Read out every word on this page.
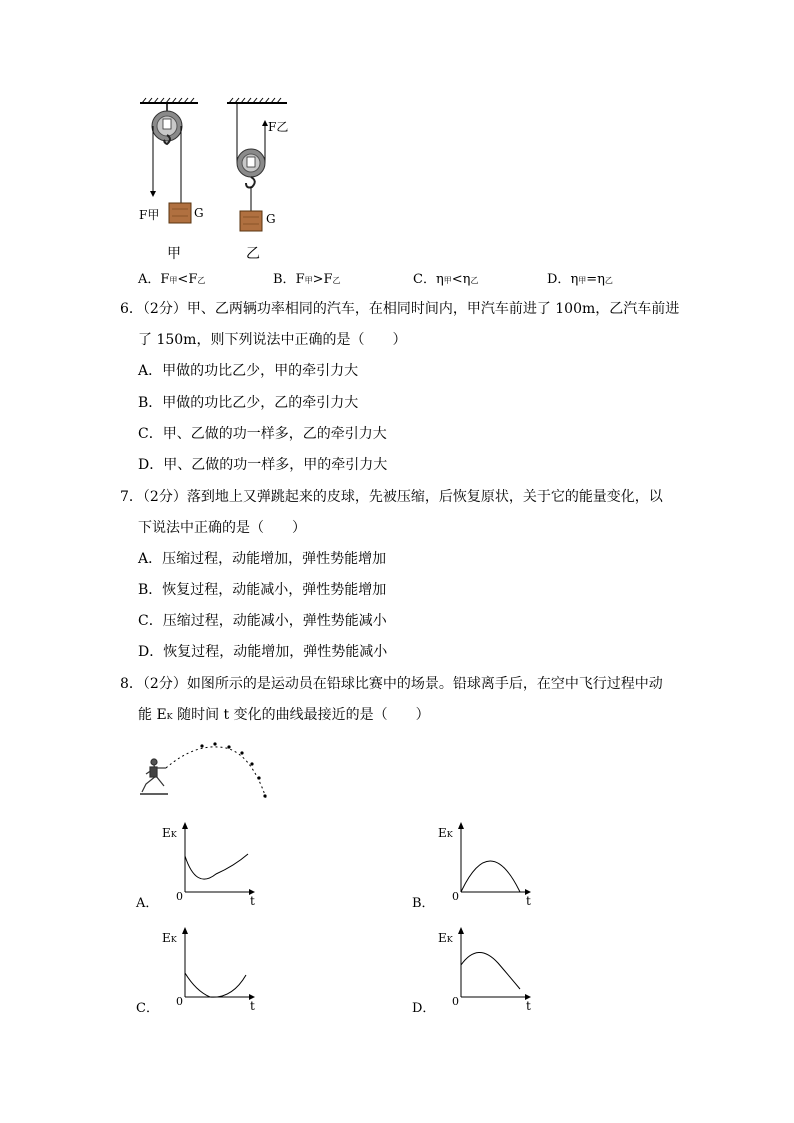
F甲	G
F乙
G
甲	乙
A．F甲<F乙	B．F甲>F乙	C．η甲<η乙	D．η甲=η乙
6．（2分）甲、乙两辆功率相同的汽车，在相同时间内，甲汽车前进了 100m，乙汽车前进
了 150m，则下列说法中正确的是（　　）
A．甲做的功比乙少，甲的牵引力大
B．甲做的功比乙少，乙的牵引力大
C．甲、乙做的功一样多，乙的牵引力大
D．甲、乙做的功一样多，甲的牵引力大
7．（2分）落到地上又弹跳起来的皮球，先被压缩，后恢复原状，关于它的能量变化，以
下说法中正确的是（　　）
A．压缩过程，动能增加，弹性势能增加
B．恢复过程，动能减小，弹性势能增加
C．压缩过程，动能减小，弹性势能减小
D．恢复过程，动能增加，弹性势能减小
8．（2分）如图所示的是运动员在铅球比赛中的场景。铅球离手后，在空中飞行过程中动
能 EK 随时间 t 变化的曲线最接近的是（　　）
EK
A． 0	t
EK
B． 0	t
EK
C． 0	t
EK
D． 0	t
